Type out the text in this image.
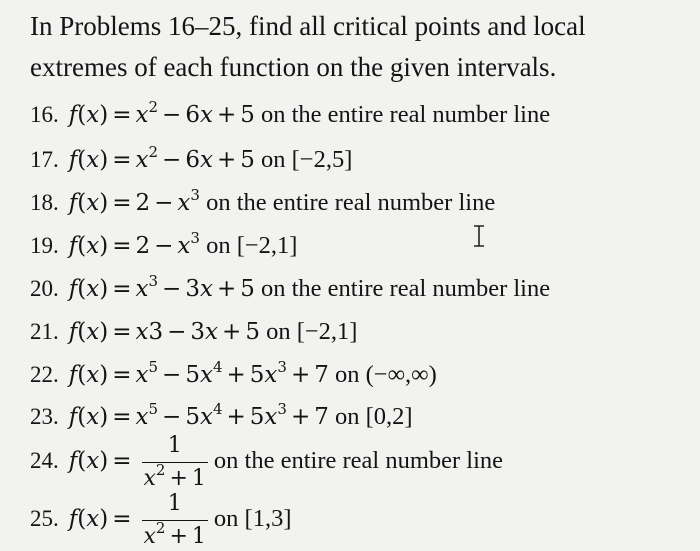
In Problems 16–25, find all critical points and local extremes of each function on the given intervals.
16. $f(x) = x^2 - 6x + 5$ on the entire real number line
17. $f(x) = x^2 - 6x + 5$ on [−2,5]
18. $f(x) = 2 - x^3$ on the entire real number line
19. $f(x) = 2 - x^3$ on [−2,1]
20. $f(x) = x^3 - 3x + 5$ on the entire real number line
21. f(x) = x3 − 3x + 5 on [−2,1]
22. $f(x) = x^5 - 5x^4 + 5x^3 + 7$ on (−∞,∞)
23. $f(x) = x^5 - 5x^4 + 5x^3 + 7$ on [0,2]
24. $f(x) = \frac{1}{x^2 + 1}$ on the entire real number line
25. $f(x) = \frac{1}{x^2 + 1}$ on [1,3]
